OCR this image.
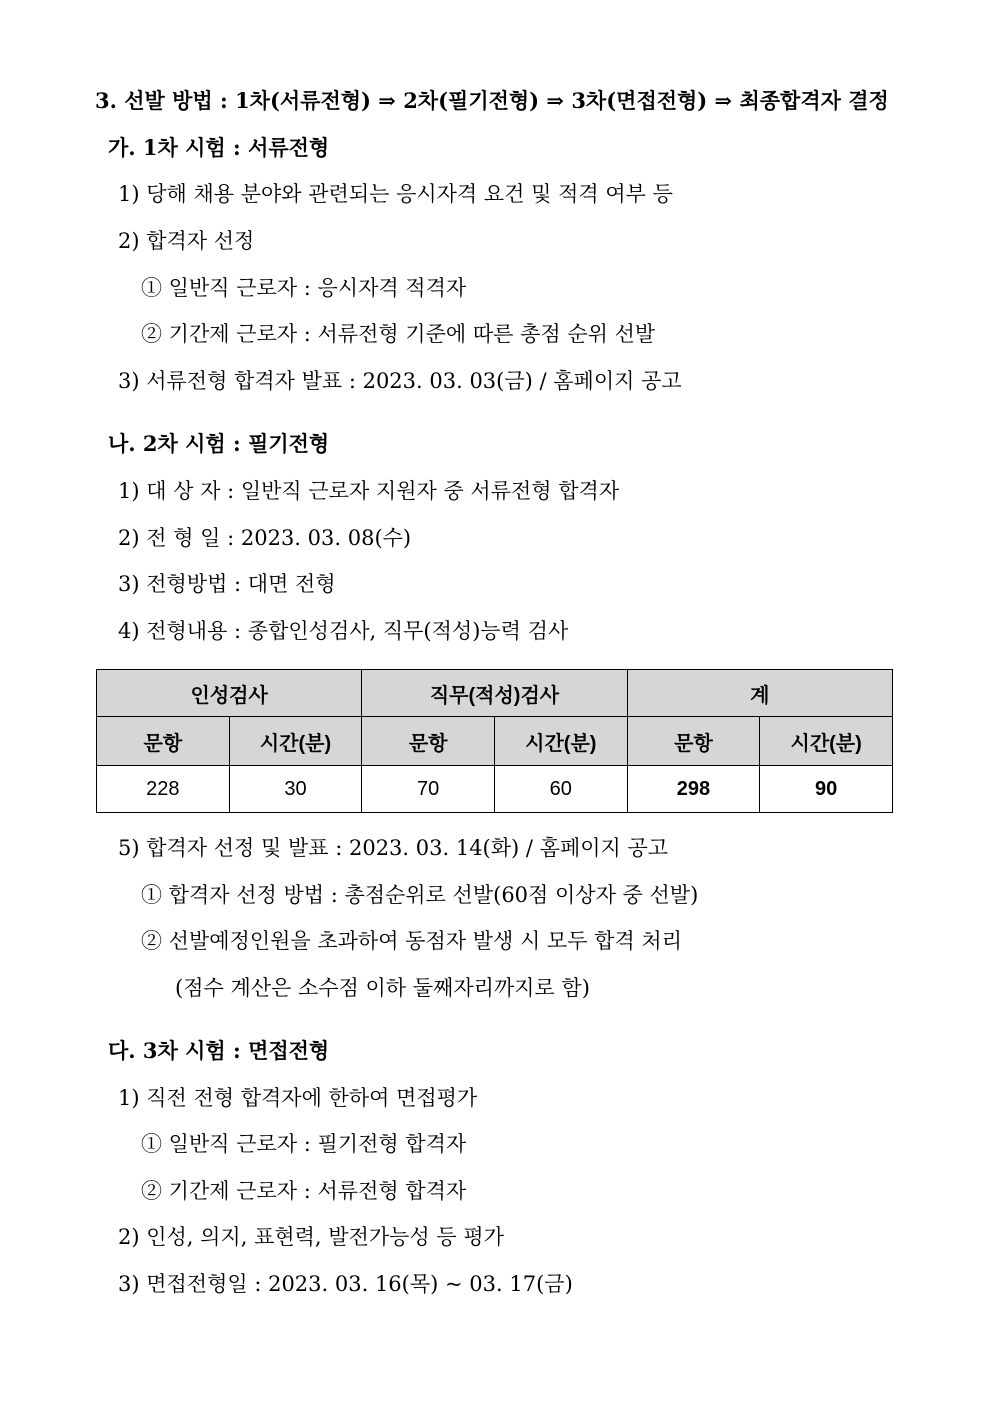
3. 선발 방법 : 1차(서류전형) ⇒ 2차(필기전형) ⇒ 3차(면접전형) ⇒ 최종합격자 결정
가. 1차 시험 : 서류전형
1) 당해 채용 분야와 관련되는 응시자격 요건 및 적격 여부 등
2) 합격자 선정
① 일반직 근로자 : 응시자격 적격자
② 기간제 근로자 : 서류전형 기준에 따른 총점 순위 선발
3) 서류전형 합격자 발표 : 2023. 03. 03(금) / 홈페이지 공고
나. 2차 시험 : 필기전형
1) 대 상 자 : 일반직 근로자 지원자 중 서류전형 합격자
2) 전 형 일 : 2023. 03. 08(수)
3) 전형방법 : 대면 전형
4) 전형내용 : 종합인성검사, 직무(적성)능력 검사
인성검사		직무(적성)검사		계	
문항	시간(분)	문항	시간(분)	문항	시간(분)
228	30	70	60	298	90
5) 합격자 선정 및 발표 : 2023. 03. 14(화) / 홈페이지 공고
① 합격자 선정 방법 : 총점순위로 선발(60점 이상자 중 선발)
② 선발예정인원을 초과하여 동점자 발생 시 모두 합격 처리
(점수 계산은 소수점 이하 둘째자리까지로 함)
다. 3차 시험 : 면접전형
1) 직전 전형 합격자에 한하여 면접평가
① 일반직 근로자 : 필기전형 합격자
② 기간제 근로자 : 서류전형 합격자
2) 인성, 의지, 표현력, 발전가능성 등 평가
3) 면접전형일 : 2023. 03. 16(목) ~ 03. 17(금)
